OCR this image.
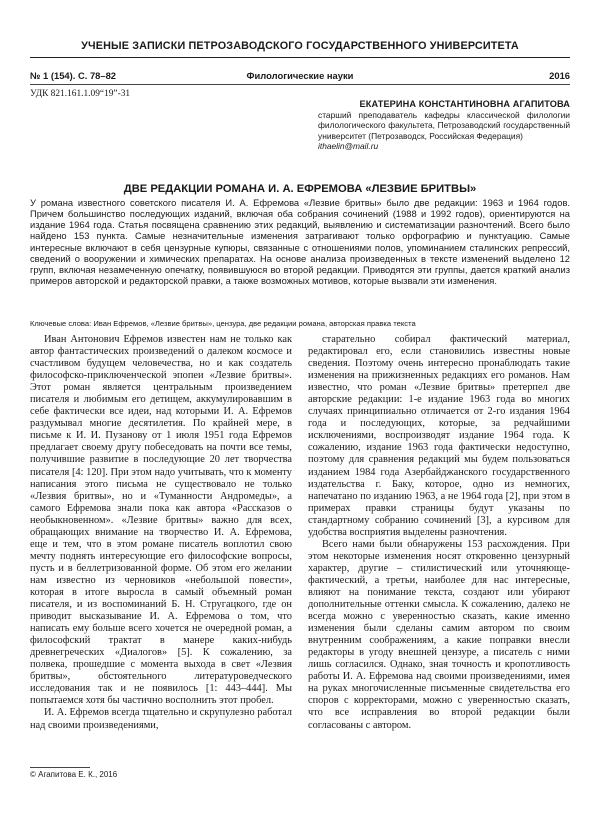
УЧЕНЫЕ ЗАПИСКИ ПЕТРОЗАВОДСКОГО ГОСУДАРСТВЕННОГО УНИВЕРСИТЕТА
№ 1 (154). С. 78–82	Филологические науки	2016
УДК 821.161.1.09“19”-31
ЕКАТЕРИНА КОНСТАНТИНОВНА АГАПИТОВА
старший преподаватель кафедры классической филологии филологического факультета, Петрозаводский государственный университет (Петрозаводск, Российская Федерация)
ithaelin@mail.ru
ДВЕ РЕДАКЦИИ РОМАНА И. А. ЕФРЕМОВА «ЛЕЗВИЕ БРИТВЫ»
У романа известного советского писателя И. А. Ефремова «Лезвие бритвы» было две редакции: 1963 и 1964 годов. Причем большинство последующих изданий, включая оба собрания сочинений (1988 и 1992 годов), ориентируются на издание 1964 года. Статья посвящена сравнению этих редакций, выявлению и систематизации разночтений. Всего было найдено 153 пункта. Самые незначительные изменения затрагивают только орфографию и пунктуацию. Самые интересные включают в себя цензурные купюры, связанные с отношениями полов, упоминанием сталинских репрессий, сведений о вооружении и химических препаратах. На основе анализа произведенных в тексте изменений выделено 12 групп, включая незамеченную опечатку, появившуюся во второй редакции. Приводятся эти группы, дается краткий анализ примеров авторской и редакторской правки, а также возможных мотивов, которые вызвали эти изменения.
Ключевые слова: Иван Ефремов, «Лезвие бритвы», цензура, две редакции романа, авторская правка текста

Иван Антонович Ефремов известен нам не только как автор фантастических произведений о далеком космосе и счастливом будущем человечества, но и как создатель философско-приключенческой эпопеи «Лезвие бритвы». Этот роман является центральным произведением писателя и любимым его детищем, аккумулировавшим в себе фактически все идеи, над которыми И. А. Ефремов раздумывал многие десятилетия. По крайней мере, в письме к И. И. Пузанову от 1 июля 1951 года Ефремов предлагает своему другу побеседовать на почти все темы, получившие развитие в последующие 20 лет творчества писателя [4: 120]. При этом надо учитывать, что к моменту написания этого письма не существовало не только «Лезвия бритвы», но и «Туманности Андромеды», а самого Ефремова знали пока как автора «Рассказов о необыкновенном». «Лезвие бритвы» важно для всех, обращающих внимание на творчество И. А. Ефремова, еще и тем, что в этом романе писатель воплотил свою мечту поднять интересующие его философские вопросы, пусть и в беллетризованной форме. Об этом его желании нам известно из черновиков «небольшой повести», которая в итоге выросла в самый объемный роман писателя, и из воспоминаний Б. Н. Стругацкого, где он приводит высказывание И. А. Ефремова о том, что написать ему больше всего хочется не очередной роман, а философский трактат в манере каких-нибудь древнегреческих «Диалогов» [5]. К сожалению, за полвека, прошедшие с момента выхода в свет «Лезвия бритвы», обстоятельного литературоведческого исследования так и не появилось [1: 443–444]. Мы попытаемся хотя бы частично восполнить этот пробел.

И. А. Ефремов всегда тщательно и скрупулезно работал над своими произведениями,

старательно собирал фактический материал, редактировал его, если становились известны новые сведения. Поэтому очень интересно пронаблюдать такие изменения на прижизненных редакциях его романов. Нам известно, что роман «Лезвие бритвы» претерпел две авторские редакции: 1-е издание 1963 года во многих случаях принципиально отличается от 2-го издания 1964 года и последующих, которые, за редчайшими исключениями, воспроизводят издание 1964 года. К сожалению, издание 1963 года фактически недоступно, поэтому для сравнения редакций мы будем пользоваться изданием 1984 года Азербайджанского государственного издательства г. Баку, которое, одно из немногих, напечатано по изданию 1963, а не 1964 года [2], при этом в примерах правки страницы будут указаны по стандартному собранию сочинений [3], а курсивом для удобства восприятия выделены разночтения.

Всего нами были обнаружены 153 расхождения. При этом некоторые изменения носят откровенно цензурный характер, другие – стилистический или уточняюще-фактический, а третьи, наиболее для нас интересные, влияют на понимание текста, создают или убирают дополнительные оттенки смысла. К сожалению, далеко не всегда можно с уверенностью сказать, какие именно изменения были сделаны самим автором по своим внутренним соображениям, а какие поправки внесли редакторы в угоду внешней цензуре, а писатель с ними лишь согласился. Однако, зная точность и кропотливость работы И. А. Ефремова над своими произведениями, имея на руках многочисленные письменные свидетельства его споров с корректорами, можно с уверенностью сказать, что все исправления во второй редакции были согласованы с автором.

© Агапитова Е. К., 2016
